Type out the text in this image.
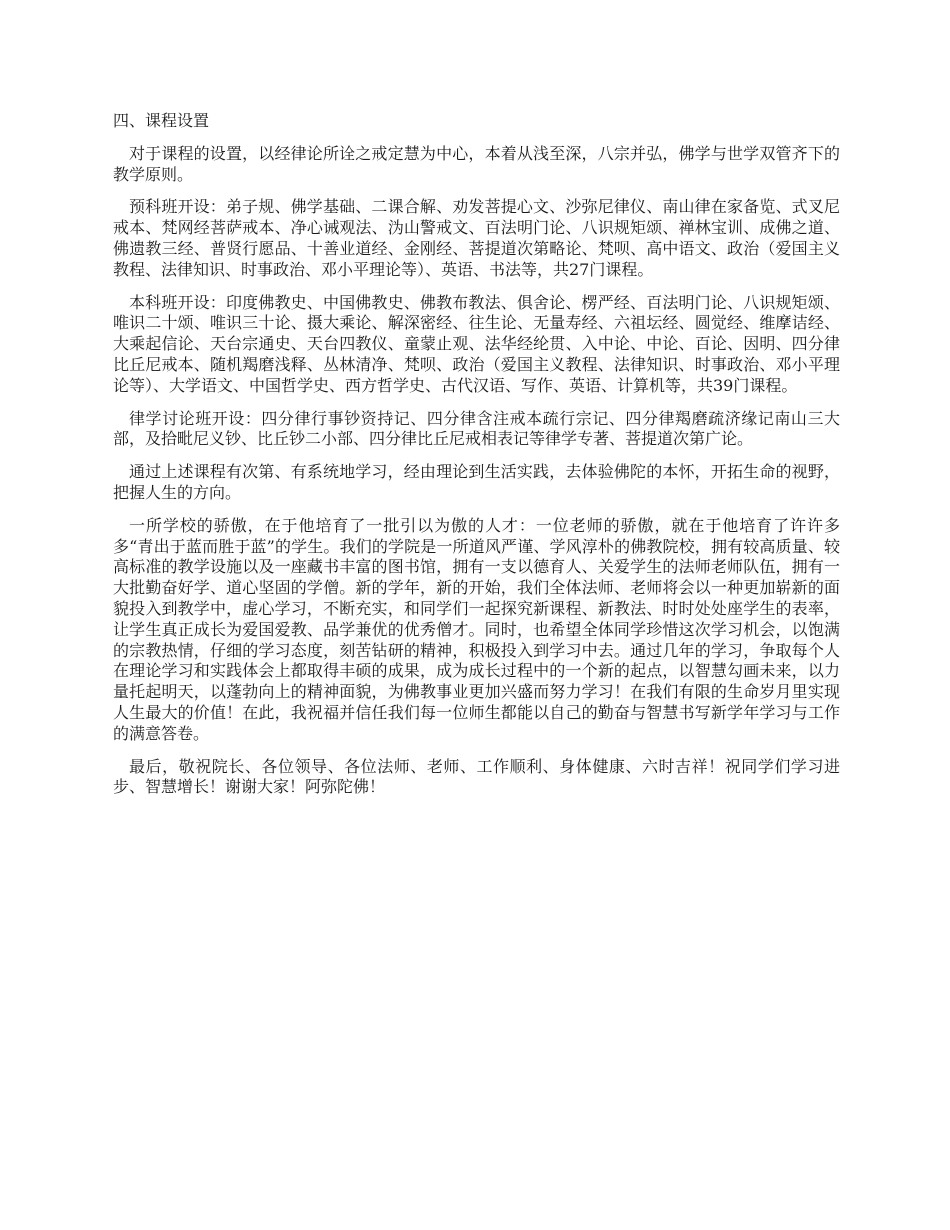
四、课程设置

对于课程的设置，以经律论所诠之戒定慧为中心，本着从浅至深，八宗并弘，佛学与世学双管齐下的教学原则。

预科班开设：弟子规、佛学基础、二课合解、劝发菩提心文、沙弥尼律仪、南山律在家备览、式叉尼戒本、梵网经菩萨戒本、净心诫观法、沩山警戒文、百法明门论、八识规矩颂、禅林宝训、成佛之道、佛遗教三经、普贤行愿品、十善业道经、金刚经、菩提道次第略论、梵呗、高中语文、政治（爱国主义教程、法律知识、时事政治、邓小平理论等）、英语、书法等，共27门课程。

本科班开设：印度佛教史、中国佛教史、佛教布教法、俱舍论、楞严经、百法明门论、八识规矩颂、唯识二十颂、唯识三十论、摄大乘论、解深密经、往生论、无量寿经、六祖坛经、圆觉经、维摩诘经、大乘起信论、天台宗通史、天台四教仪、童蒙止观、法华经纶贯、入中论、中论、百论、因明、四分律比丘尼戒本、随机羯磨浅释、丛林清净、梵呗、政治（爱国主义教程、法律知识、时事政治、邓小平理论等）、大学语文、中国哲学史、西方哲学史、古代汉语、写作、英语、计算机等，共39门课程。

律学讨论班开设：四分律行事钞资持记、四分律含注戒本疏行宗记、四分律羯磨疏济缘记南山三大部，及拾毗尼义钞、比丘钞二小部、四分律比丘尼戒相表记等律学专著、菩提道次第广论。

通过上述课程有次第、有系统地学习，经由理论到生活实践，去体验佛陀的本怀，开拓生命的视野，把握人生的方向。

一所学校的骄傲，在于他培育了一批引以为傲的人才：一位老师的骄傲，就在于他培育了许许多多“青出于蓝而胜于蓝”的学生。我们的学院是一所道风严谨、学风淳朴的佛教院校，拥有较高质量、较高标准的教学设施以及一座藏书丰富的图书馆，拥有一支以德育人、关爱学生的法师老师队伍，拥有一大批勤奋好学、道心坚固的学僧。新的学年，新的开始，我们全体法师、老师将会以一种更加崭新的面貌投入到教学中，虚心学习，不断充实，和同学们一起探究新课程、新教法、时时处处座学生的表率，让学生真正成长为爱国爱教、品学兼优的优秀僧才。同时，也希望全体同学珍惜这次学习机会，以饱满的宗教热情，仔细的学习态度，刻苦钻研的精神，积极投入到学习中去。通过几年的学习，争取每个人在理论学习和实践体会上都取得丰硕的成果，成为成长过程中的一个新的起点，以智慧勾画未来，以力量托起明天，以蓬勃向上的精神面貌，为佛教事业更加兴盛而努力学习！在我们有限的生命岁月里实现人生最大的价值！在此，我祝福并信任我们每一位师生都能以自己的勤奋与智慧书写新学年学习与工作的满意答卷。

最后，敬祝院长、各位领导、各位法师、老师、工作顺利、身体健康、六时吉祥！祝同学们学习进步、智慧增长！谢谢大家！阿弥陀佛！
